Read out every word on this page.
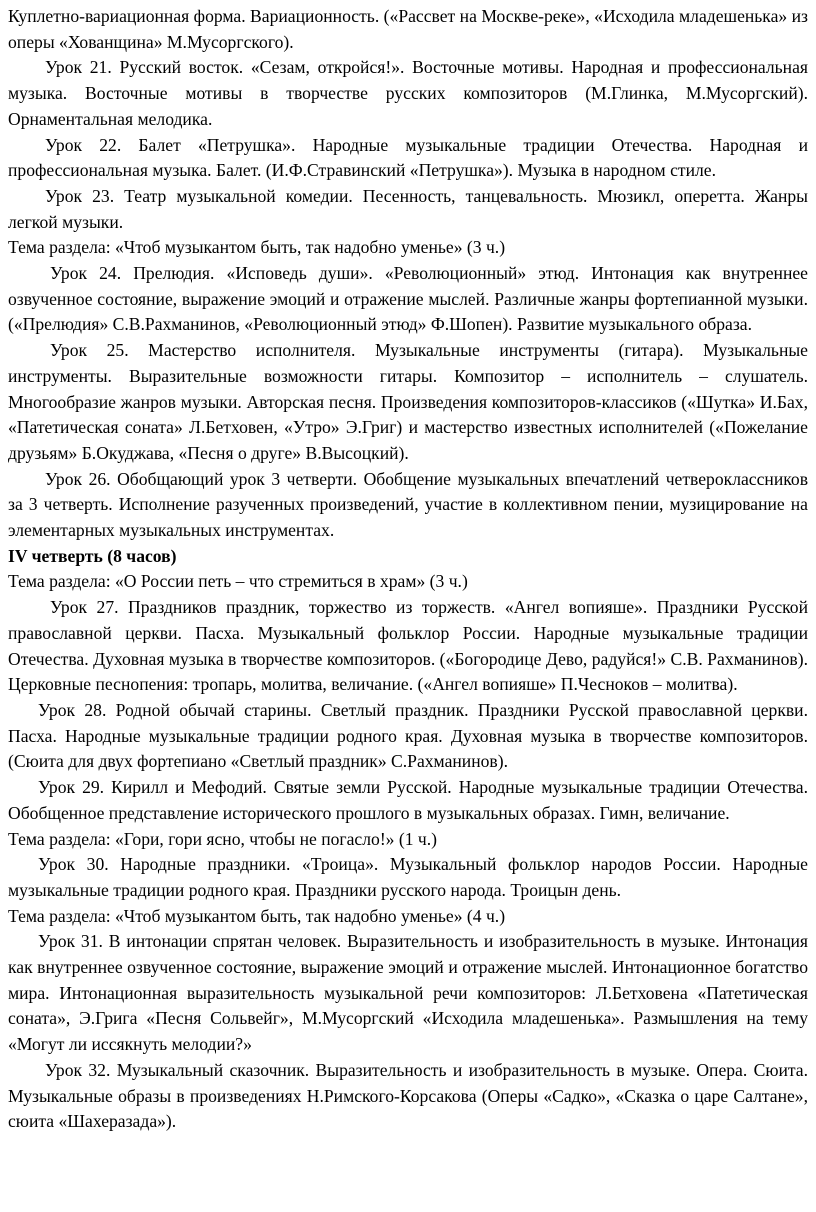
Куплетно-вариационная форма. Вариационность. («Рассвет на Москве-реке», «Исходила младешенька» из оперы «Хованщина» М.Мусоргского).

Урок 21. Русский восток. «Сезам, откройся!». Восточные мотивы. Народная и профессиональная музыка. Восточные мотивы в творчестве русских композиторов (М.Глинка, М.Мусоргский). Орнаментальная мелодика.

Урок 22. Балет «Петрушка». Народные музыкальные традиции Отечества. Народная и профессиональная музыка. Балет. (И.Ф.Стравинский «Петрушка»). Музыка в народном стиле.

Урок 23. Театр музыкальной комедии. Песенность, танцевальность. Мюзикл, оперетта. Жанры легкой музыки.

Тема раздела: «Чтоб музыкантом быть, так надобно уменье» (3 ч.)

Урок 24. Прелюдия. «Исповедь души». «Революционный» этюд. Интонация как внутреннее озвученное состояние, выражение эмоций и отражение мыслей. Различные жанры фортепианной музыки. («Прелюдия» С.В.Рахманинов, «Революционный этюд» Ф.Шопен). Развитие музыкального образа.

Урок 25. Мастерство исполнителя. Музыкальные инструменты (гитара). Музыкальные инструменты. Выразительные возможности гитары. Композитор – исполнитель – слушатель. Многообразие жанров музыки. Авторская песня. Произведения композиторов-классиков («Шутка» И.Бах, «Патетическая соната» Л.Бетховен, «Утро» Э.Григ) и мастерство известных исполнителей («Пожелание друзьям» Б.Окуджава, «Песня о друге» В.Высоцкий).

Урок 26. Обобщающий урок 3 четверти. Обобщение музыкальных впечатлений четвероклассников за 3 четверть. Исполнение разученных произведений, участие в коллективном пении, музицирование на элементарных музыкальных инструментах.

IV четверть (8 часов)

Тема раздела: «О России петь – что стремиться в храм» (3 ч.)

Урок 27. Праздников праздник, торжество из торжеств. «Ангел вопияше». Праздники Русской православной церкви. Пасха. Музыкальный фольклор России. Народные музыкальные традиции Отечества. Духовная музыка в творчестве композиторов. («Богородице Дево, радуйся!» С.В. Рахманинов). Церковные песнопения: тропарь, молитва, величание. («Ангел вопияше» П.Чесноков – молитва).

Урок 28. Родной обычай старины. Светлый праздник. Праздники Русской православной церкви. Пасха. Народные музыкальные традиции родного края. Духовная музыка в творчестве композиторов. (Сюита для двух фортепиано «Светлый праздник» С.Рахманинов).

Урок 29. Кирилл и Мефодий. Святые земли Русской. Народные музыкальные традиции Отечества. Обобщенное представление исторического прошлого в музыкальных образах. Гимн, величание.

Тема раздела: «Гори, гори ясно, чтобы не погасло!» (1 ч.)

Урок 30. Народные праздники. «Троица». Музыкальный фольклор народов России. Народные музыкальные традиции родного края. Праздники русского народа. Троицын день.

Тема раздела: «Чтоб музыкантом быть, так надобно уменье» (4 ч.)

Урок 31. В интонации спрятан человек. Выразительность и изобразительность в музыке. Интонация как внутреннее озвученное состояние, выражение эмоций и отражение мыслей. Интонационное богатство мира. Интонационная выразительность музыкальной речи композиторов: Л.Бетховена «Патетическая соната», Э.Грига «Песня Сольвейг», М.Мусоргский «Исходила младешенька». Размышления на тему «Могут ли иссякнуть мелодии?»

Урок 32. Музыкальный сказочник. Выразительность и изобразительность в музыке. Опера. Сюита. Музыкальные образы в произведениях Н.Римского-Корсакова (Оперы «Садко», «Сказка о царе Салтане», сюита «Шахеразада»).
